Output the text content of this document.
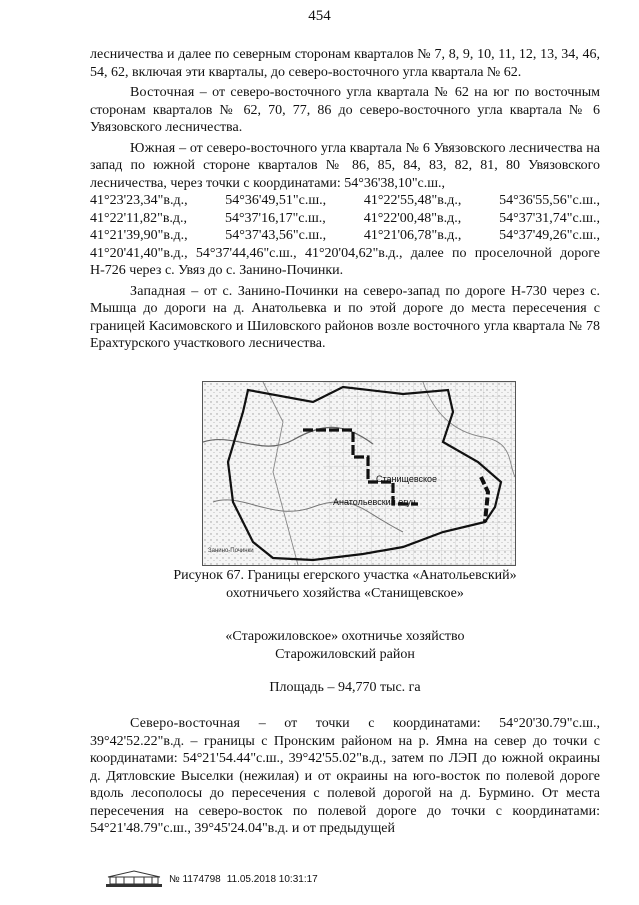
454

лесничества и далее по северным сторонам кварталов № 7, 8, 9, 10, 11, 12, 13, 34, 46, 54, 62, включая эти кварталы, до северо-восточного угла квартала № 62.

Восточная – от северо-восточного угла квартала № 62 на юг по восточным сторонам кварталов № 62, 70, 77, 86 до северо-восточного угла квартала № 6 Увязовского лесничества.

Южная – от северо-восточного угла квартала № 6 Увязовского лесничества на запад по южной стороне кварталов № 86, 85, 84, 83, 82, 81, 80 Увязовского лесничества, через точки с координатами: 54°36'38,10"с.ш.,

41°23'23,34"в.д.,	54°36'49,51"с.ш.,	41°22'55,48"в.д.,	54°36'55,56"с.ш.,
41°22'11,82"в.д.,	54°37'16,17"с.ш.,	41°22'00,48"в.д.,	54°37'31,74"с.ш.,
41°21'39,90"в.д.,	54°37'43,56"с.ш.,	41°21'06,78"в.д.,	54°37'49,26"с.ш.,

41°20'41,40"в.д., 54°37'44,46"с.ш., 41°20'04,62"в.д., далее по проселочной дороге Н-726 через с. Увяз до с. Занино-Починки.

Западная – от с. Занино-Починки на северо-запад по дороге Н-730 через с. Мышца до дороги на д. Анатольевка и по этой дороге до места пересечения с границей Касимовского и Шиловского районов возле восточного угла квартала № 78 Ерахтурского участкового лесничества.

Станищевское
Анатольевский егуч
Занино-Починки
Рисунок 67. Границы егерского участка «Анатольевский»
охотничьего хозяйства «Станищевское»
«Старожиловское» охотничье хозяйство
Старожиловский район
Площадь – 94,770 тыс. га

Северо-восточная – от точки с координатами: 54°20'30.79"с.ш., 39°42'52.22"в.д. – границы с Пронским районом на р. Ямна на север до точки с координатами: 54°21'54.44"с.ш., 39°42'55.02"в.д., затем по ЛЭП до южной окраины д. Дятловские Выселки (нежилая) и от окраины на юго-восток по полевой дороге вдоль лесополосы до пересечения с полевой дорогой на д. Бурмино. От места пересечения на северо-восток по полевой дороге до точки с координатами: 54°21'48.79"с.ш., 39°45'24.04"в.д. и от предыдущей

№ 1174798 11.05.2018 10:31:17
